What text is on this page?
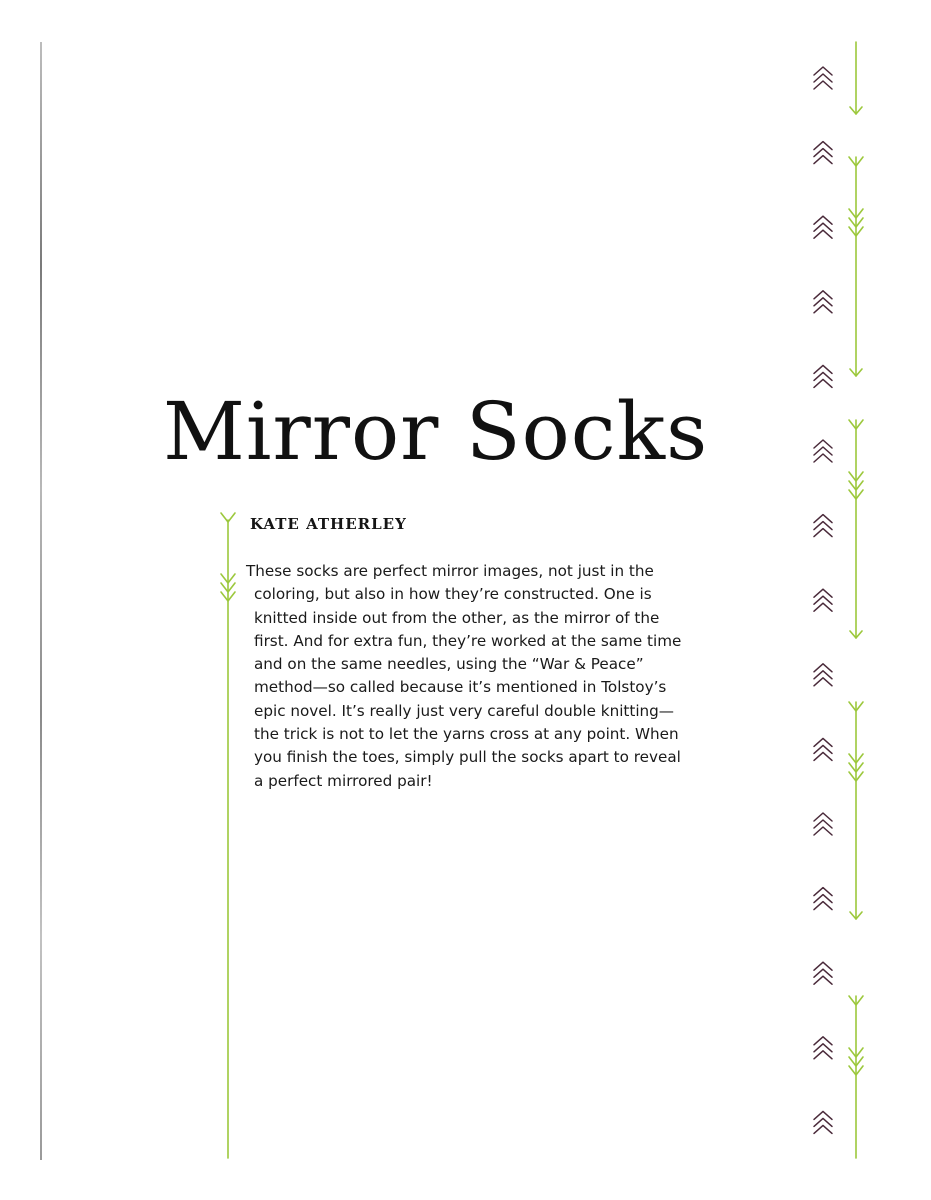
Mirror Socks
KATE ATHERLEY

These socks are perfect mirror images, not just in the
coloring, but also in how they’re constructed. One is
knitted inside out from the other, as the mirror of the
first. And for extra fun, they’re worked at the same time
and on the same needles, using the “War & Peace”
method—so called because it’s mentioned in Tolstoy’s
epic novel. It’s really just very careful double knitting—
the trick is not to let the yarns cross at any point. When
you finish the toes, simply pull the socks apart to reveal
a perfect mirrored pair!
